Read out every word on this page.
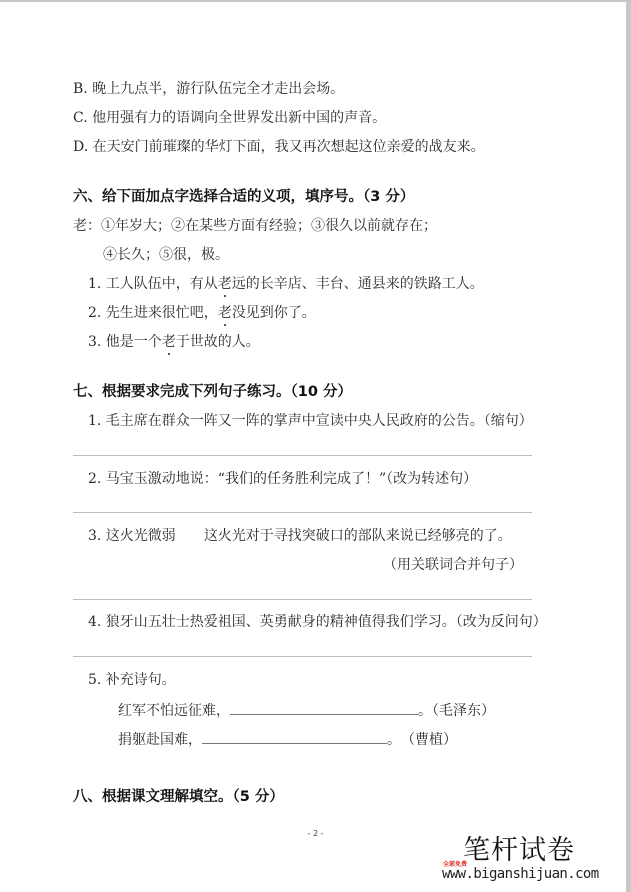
B. 晚上九点半，游行队伍完全才走出会场。
C. 他用强有力的语调向全世界发出新中国的声音。
D. 在天安门前璀璨的华灯下面，我又再次想起这位亲爱的战友来。
六、给下面加点字选择合适的义项，填序号。（3 分）
老：①年岁大；②在某些方面有经验；③很久以前就存在；
④长久；⑤很，极。
1. 工人队伍中，有从老远的长辛店、丰台、通县来的铁路工人。
2. 先生进来很忙吧，老没见到你了。
3. 他是一个老于世故的人。
七、根据要求完成下列句子练习。（10 分）
1. 毛主席在群众一阵又一阵的掌声中宣读中央人民政府的公告。（缩句）
2. 马宝玉激动地说：“我们的任务胜利完成了！”（改为转述句）
3. 这火光微弱 这火光对于寻找突破口的部队来说已经够亮的了。
（用关联词合并句子）
4. 狼牙山五壮士热爱祖国、英勇献身的精神值得我们学习。（改为反问句）
5. 补充诗句。
红军不怕远征难，	。（毛泽东）
捐躯赴国难，	。　（曹植）
八、根据课文理解填空。（5 分）
- 2 -
笔杆试卷
全部免费
www.biganshijuan.com
